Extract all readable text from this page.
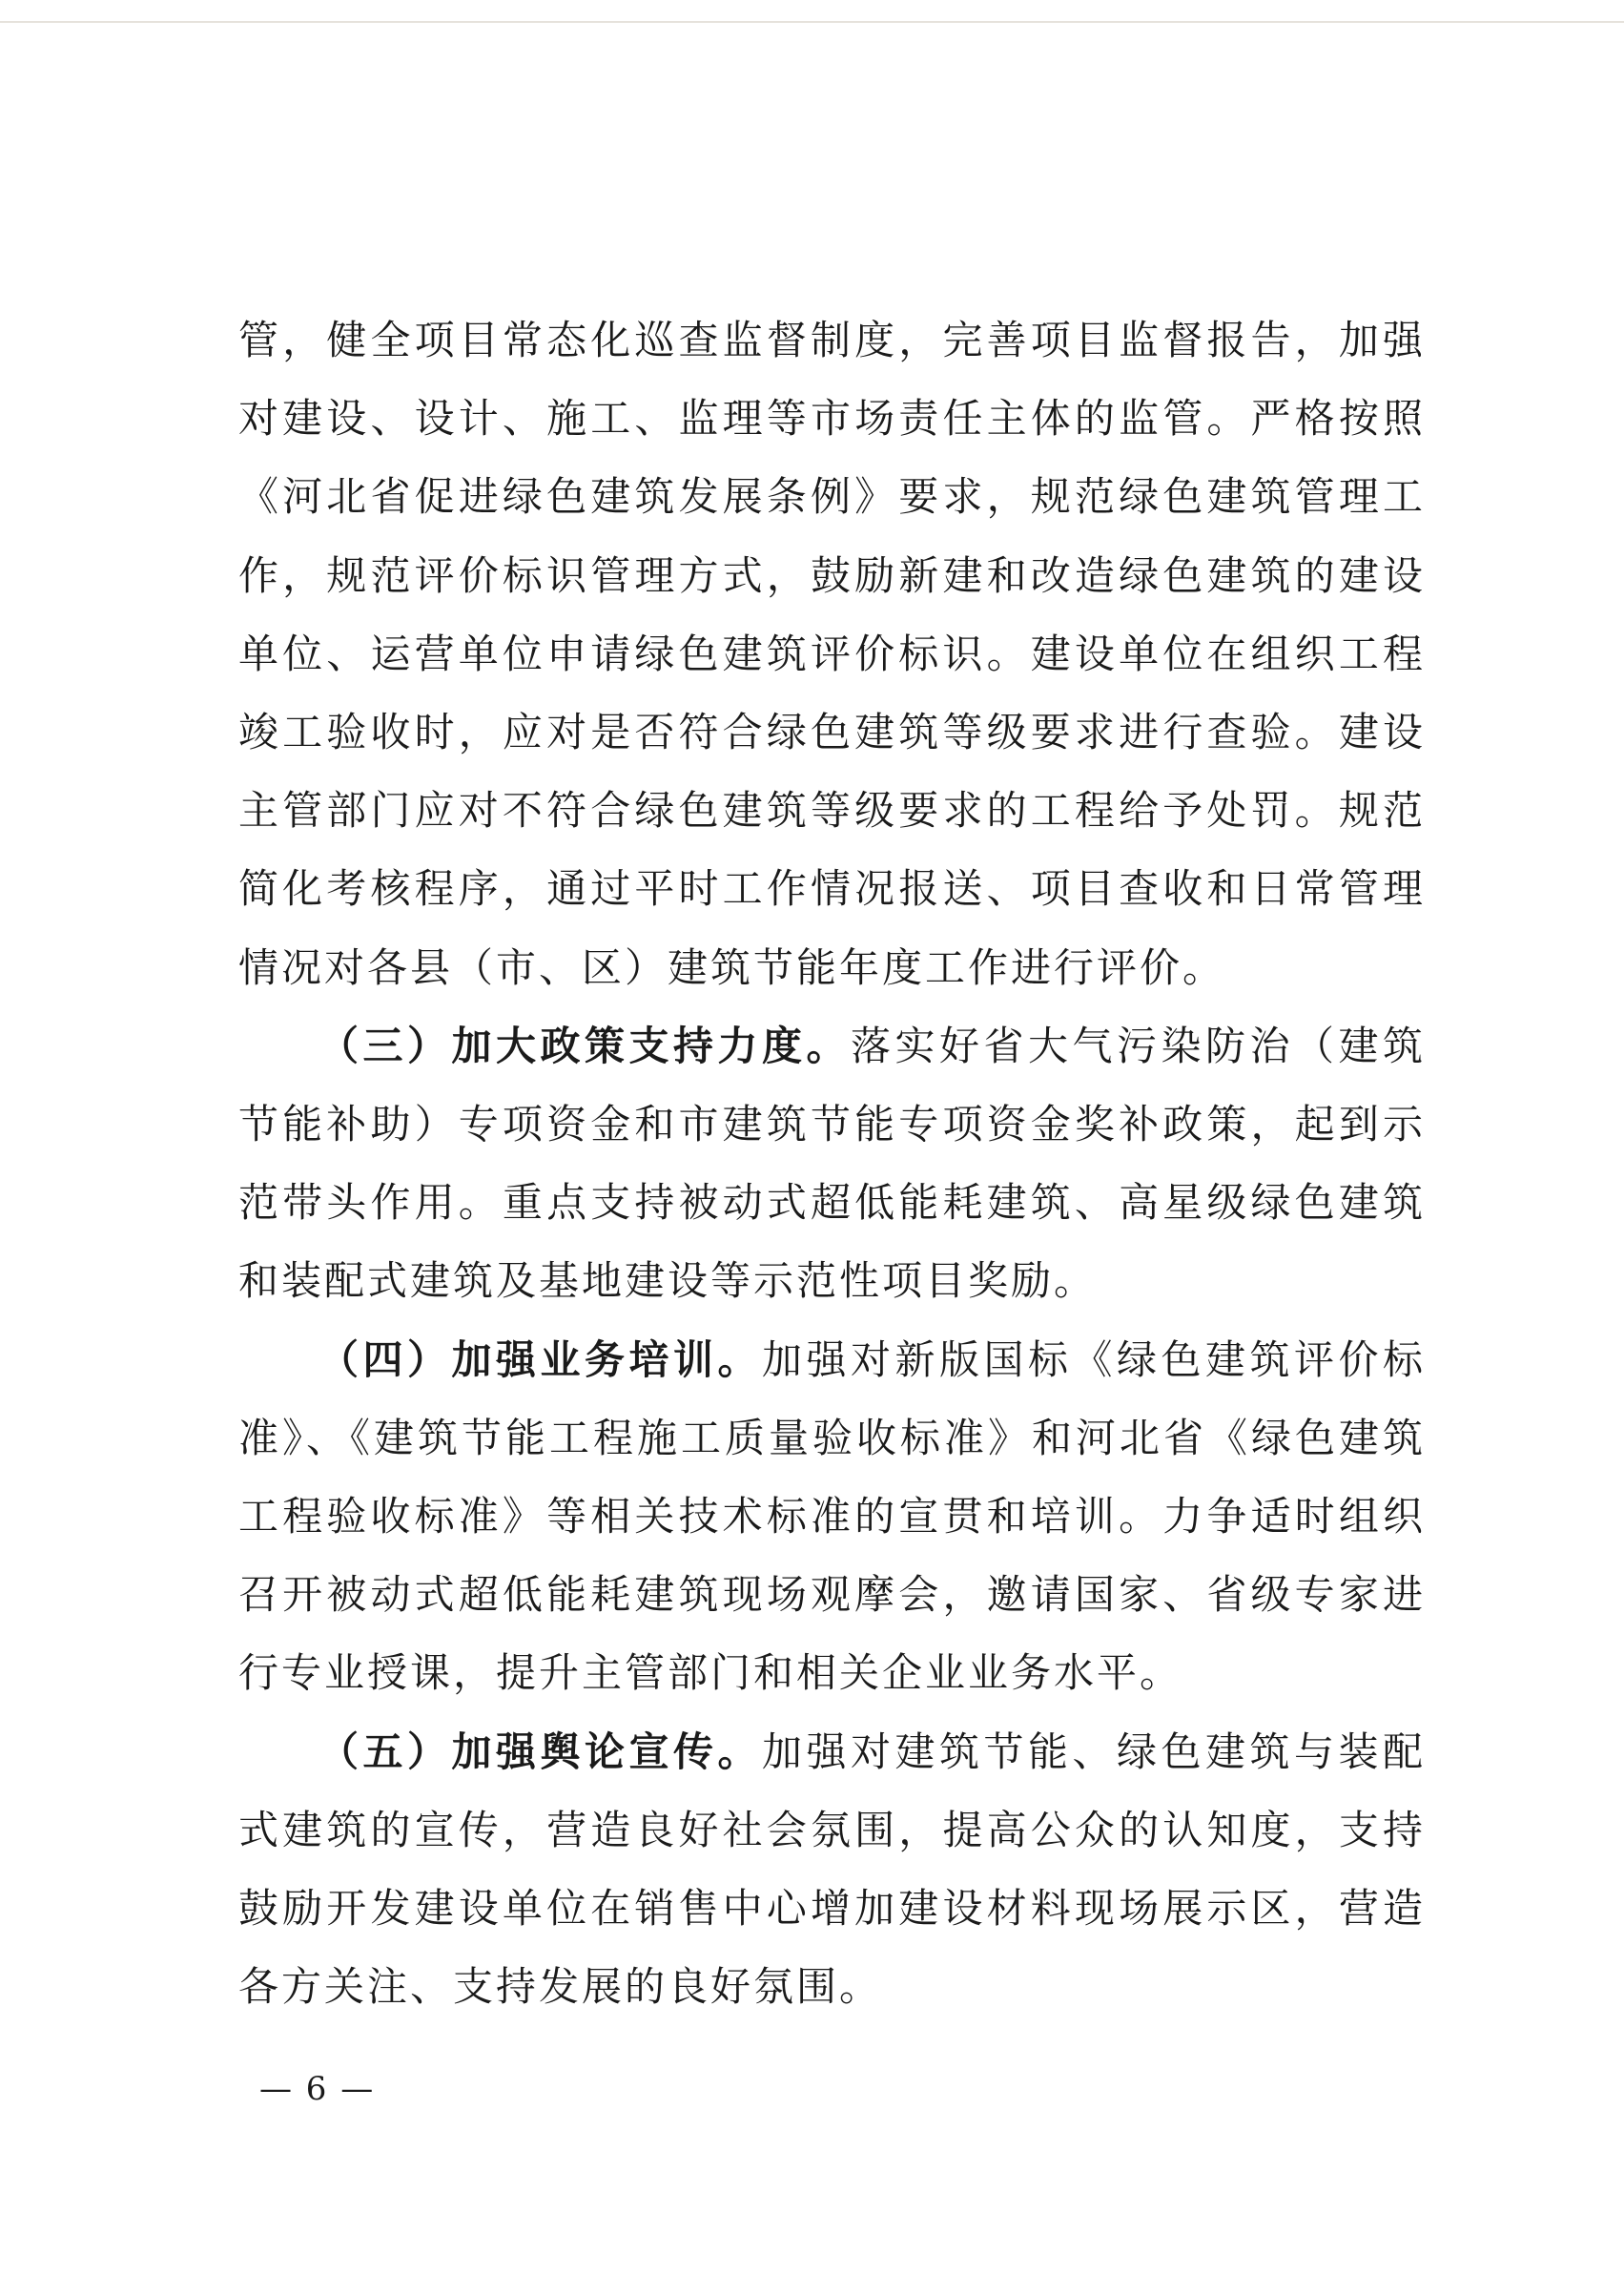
管，健全项目常态化巡查监督制度，完善项目监督报告，加强对建设、设计、施工、监理等市场责任主体的监管。严格按照《河北省促进绿色建筑发展条例》要求，规范绿色建筑管理工作，规范评价标识管理方式，鼓励新建和改造绿色建筑的建设单位、运营单位申请绿色建筑评价标识。建设单位在组织工程竣工验收时，应对是否符合绿色建筑等级要求进行查验。建设主管部门应对不符合绿色建筑等级要求的工程给予处罚。规范简化考核程序，通过平时工作情况报送、项目查收和日常管理情况对各县（市、区）建筑节能年度工作进行评价。

（三）加大政策支持力度。落实好省大气污染防治（建筑节能补助）专项资金和市建筑节能专项资金奖补政策，起到示范带头作用。重点支持被动式超低能耗建筑、高星级绿色建筑和装配式建筑及基地建设等示范性项目奖励。

（四）加强业务培训。加强对新版国标《绿色建筑评价标准》、《建筑节能工程施工质量验收标准》和河北省《绿色建筑工程验收标准》等相关技术标准的宣贯和培训。力争适时组织召开被动式超低能耗建筑现场观摩会，邀请国家、省级专家进行专业授课，提升主管部门和相关企业业务水平。

（五）加强舆论宣传。加强对建筑节能、绿色建筑与装配式建筑的宣传，营造良好社会氛围，提高公众的认知度，支持鼓励开发建设单位在销售中心增加建设材料现场展示区，营造各方关注、支持发展的良好氛围。

— 6 —
